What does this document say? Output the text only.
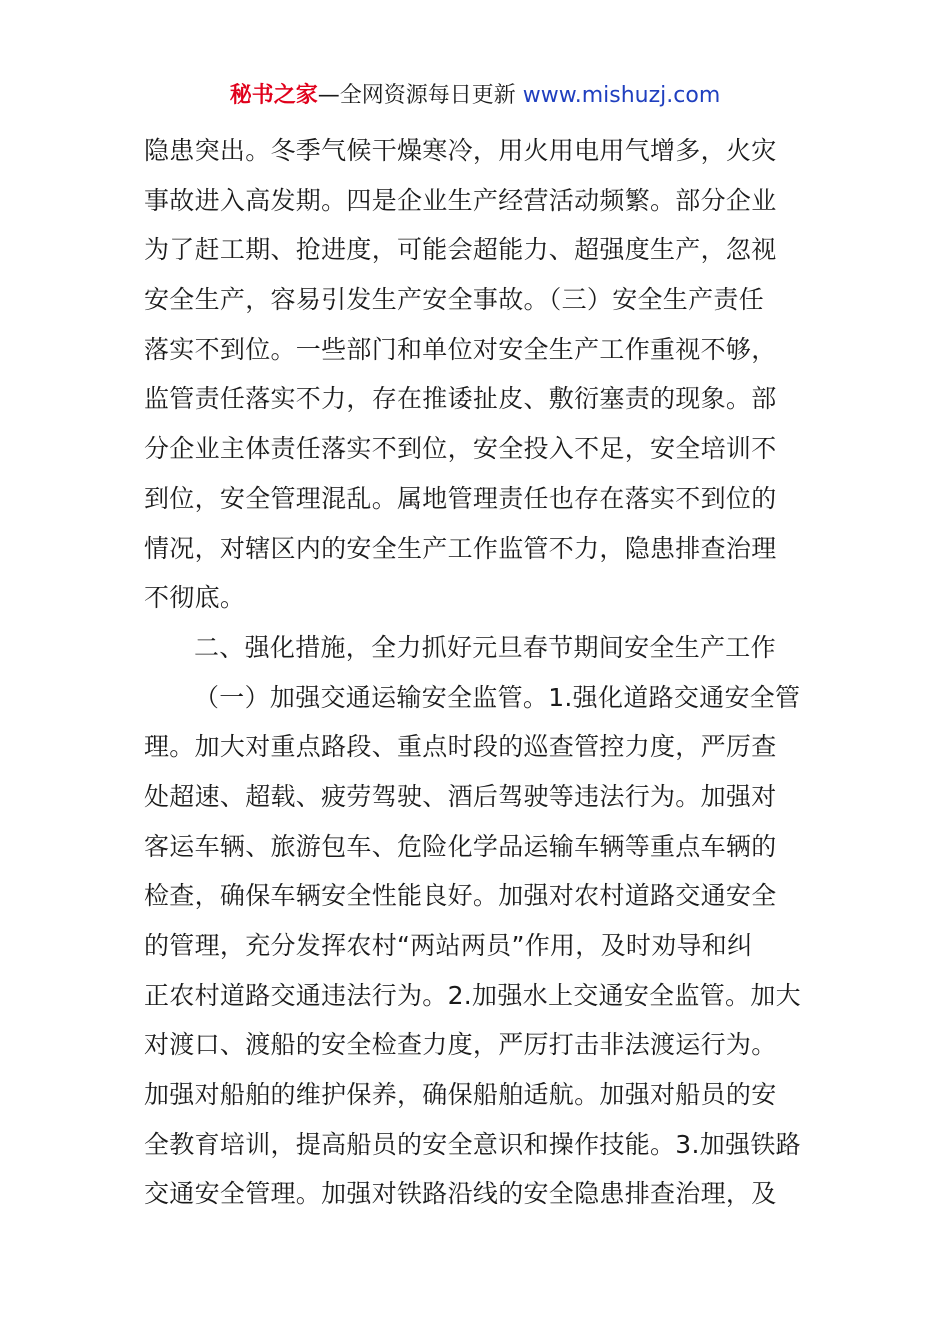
秘书之家—全网资源每日更新 www.mishuzj.com
隐患突出。冬季气候干燥寒冷，用火用电用气增多，火灾
事故进入高发期。四是企业生产经营活动频繁。部分企业
为了赶工期、抢进度，可能会超能力、超强度生产，忽视
安全生产，容易引发生产安全事故。（三）安全生产责任
落实不到位。一些部门和单位对安全生产工作重视不够，
监管责任落实不力，存在推诿扯皮、敷衍塞责的现象。部
分企业主体责任落实不到位，安全投入不足，安全培训不
到位，安全管理混乱。属地管理责任也存在落实不到位的
情况，对辖区内的安全生产工作监管不力，隐患排查治理
不彻底。
二、强化措施，全力抓好元旦春节期间安全生产工作
（一）加强交通运输安全监管。1.强化道路交通安全管
理。加大对重点路段、重点时段的巡查管控力度，严厉查
处超速、超载、疲劳驾驶、酒后驾驶等违法行为。加强对
客运车辆、旅游包车、危险化学品运输车辆等重点车辆的
检查，确保车辆安全性能良好。加强对农村道路交通安全
的管理，充分发挥农村“两站两员”作用，及时劝导和纠
正农村道路交通违法行为。2.加强水上交通安全监管。加大
对渡口、渡船的安全检查力度，严厉打击非法渡运行为。
加强对船舶的维护保养，确保船舶适航。加强对船员的安
全教育培训，提高船员的安全意识和操作技能。3.加强铁路
交通安全管理。加强对铁路沿线的安全隐患排查治理，及
